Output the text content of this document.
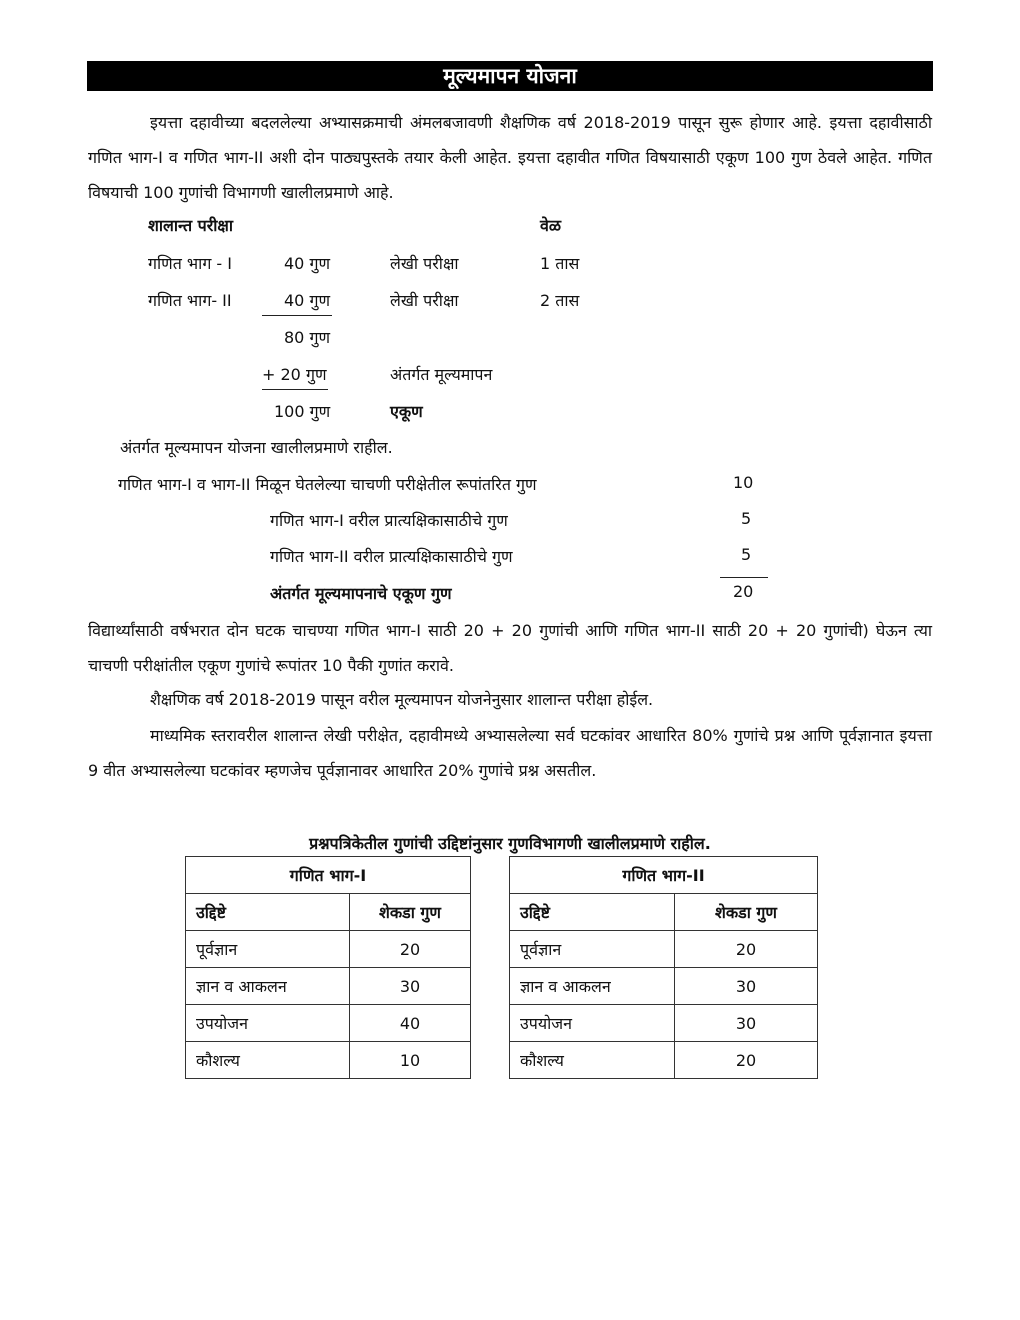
मूल्यमापन योजना
इयत्ता दहावीच्या बदललेल्या अभ्यासक्रमाची अंमलबजावणी शैक्षणिक वर्ष 2018-2019 पासून सुरू होणार आहे. इयत्ता दहावीसाठी गणित भाग-I व गणित भाग-II अशी दोन पाठ्यपुस्तके तयार केली आहेत. इयत्ता दहावीत गणित विषयासाठी एकूण 100 गुण ठेवले आहेत. गणित विषयाची 100 गुणांची विभागणी खालीलप्रमाणे आहे.
शालान्त परीक्षा	वेळ
गणित भाग - I	40 गुण	लेखी परीक्षा	1 तास
गणित भाग- II	40 गुण	लेखी परीक्षा	2 तास
80 गुण
+ 20 गुण	अंतर्गत मूल्यमापन
100 गुण	एकूण
अंतर्गत मूल्यमापन योजना खालीलप्रमाणे राहील.
गणित भाग-I व भाग-II मिळून घेतलेल्या चाचणी परीक्षेतील रूपांतरित गुण	10
गणित भाग-I वरील प्रात्यक्षिकासाठीचे गुण	5
गणित भाग-II वरील प्रात्यक्षिकासाठीचे गुण	5
अंतर्गत मूल्यमापनाचे एकूण गुण	20
विद्यार्थ्यांसाठी वर्षभरात दोन घटक चाचण्या गणित भाग-I साठी 20 + 20 गुणांची आणि गणित भाग-II साठी 20 + 20 गुणांची) घेऊन त्या चाचणी परीक्षांतील एकूण गुणांचे रूपांतर 10 पैकी गुणांत करावे.
शैक्षणिक वर्ष 2018-2019 पासून वरील मूल्यमापन योजनेनुसार शालान्त परीक्षा होईल.
माध्यमिक स्तरावरील शालान्त लेखी परीक्षेत, दहावीमध्ये अभ्यासलेल्या सर्व घटकांवर आधारित 80% गुणांचे प्रश्न आणि पूर्वज्ञानात इयत्ता 9 वीत अभ्यासलेल्या घटकांवर म्हणजेच पूर्वज्ञानावर आधारित 20% गुणांचे प्रश्न असतील.
प्रश्नपत्रिकेतील गुणांची उद्दिष्टांनुसार गुणविभागणी खालीलप्रमाणे राहील.
गणित भाग-I	
उद्दिष्टे	शेकडा गुण
पूर्वज्ञान	20
ज्ञान व आकलन	30
उपयोजन	40
कौशल्य	10
गणित भाग-II	
उद्दिष्टे	शेकडा गुण
पूर्वज्ञान	20
ज्ञान व आकलन	30
उपयोजन	30
कौशल्य	20
